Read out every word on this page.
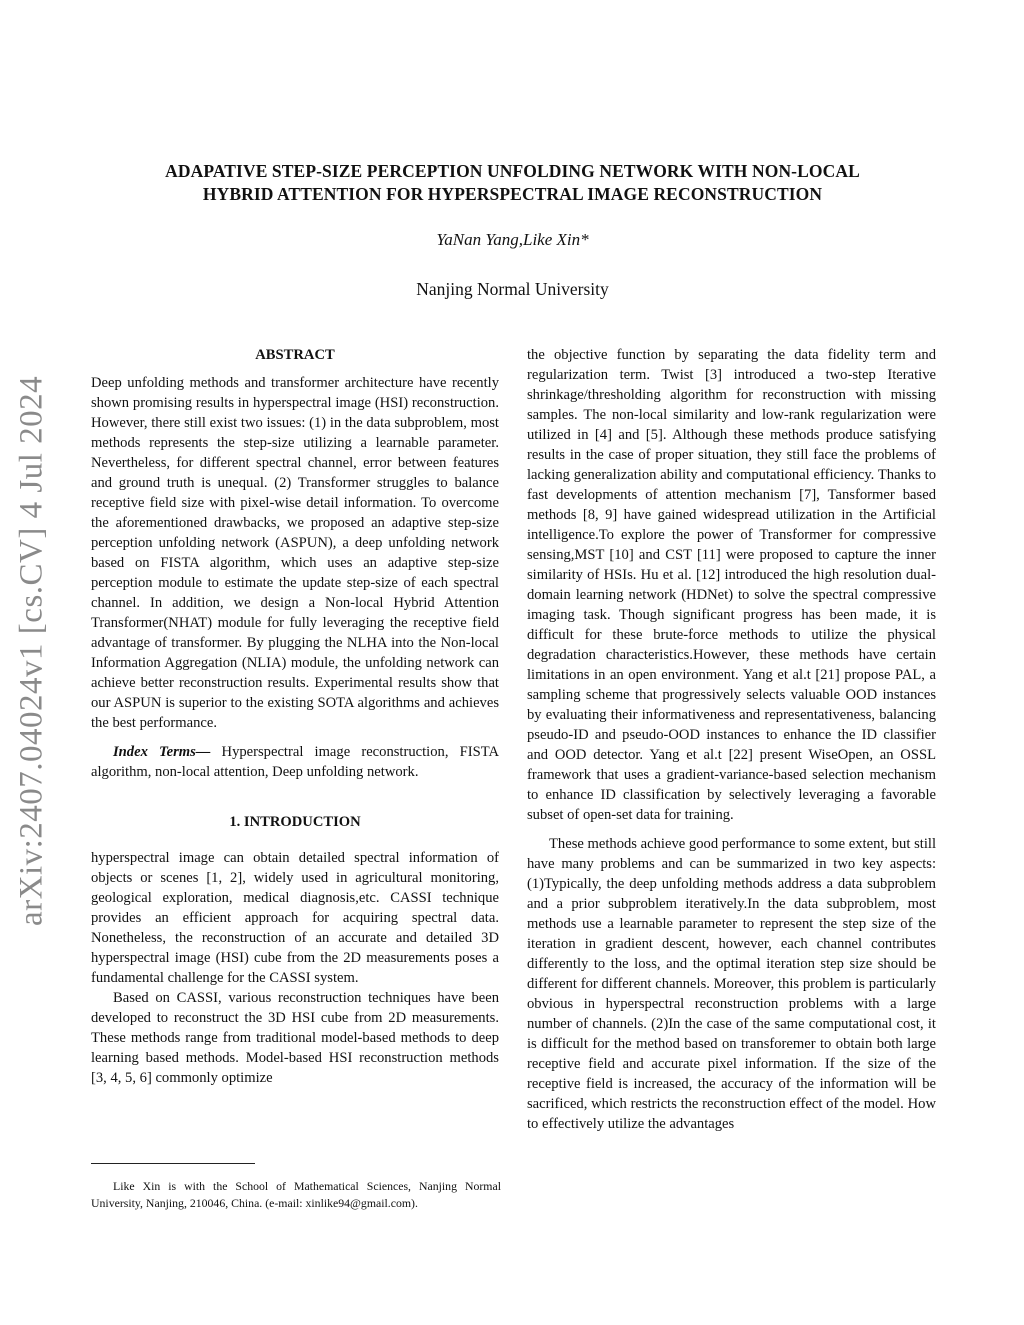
arXiv:2407.04024v1 [cs.CV] 4 Jul 2024
ADAPATIVE STEP-SIZE PERCEPTION UNFOLDING NETWORK WITH NON-LOCAL
HYBRID ATTENTION FOR HYPERSPECTRAL IMAGE RECONSTRUCTION
YaNan Yang,Like Xin*
Nanjing Normal University
ABSTRACT

Deep unfolding methods and transformer architecture have recently shown promising results in hyperspectral image (HSI) reconstruction. However, there still exist two issues: (1) in the data subproblem, most methods represents the step-size utilizing a learnable parameter. Nevertheless, for different spectral channel, error between features and ground truth is unequal. (2) Transformer struggles to balance receptive field size with pixel-wise detail information. To overcome the aforementioned drawbacks, we proposed an adaptive step-size perception unfolding network (ASPUN), a deep unfolding network based on FISTA algorithm, which uses an adaptive step-size perception module to estimate the update step-size of each spectral channel. In addition, we design a Non-local Hybrid Attention Transformer(NHAT) module for fully leveraging the receptive field advantage of transformer. By plugging the NLHA into the Non-local Information Aggregation (NLIA) module, the unfolding network can achieve better reconstruction results. Experimental results show that our ASPUN is superior to the existing SOTA algorithms and achieves the best performance.

Index Terms— Hyperspectral image reconstruction, FISTA algorithm, non-local attention, Deep unfolding network.

1. INTRODUCTION

hyperspectral image can obtain detailed spectral information of objects or scenes [1, 2], widely used in agricultural monitoring, geological exploration, medical diagnosis,etc. CASSI technique provides an efficient approach for acquiring spectral data. Nonetheless, the reconstruction of an accurate and detailed 3D hyperspectral image (HSI) cube from the 2D measurements poses a fundamental challenge for the CASSI system.

Based on CASSI, various reconstruction techniques have been developed to reconstruct the 3D HSI cube from 2D measurements. These methods range from traditional model-based methods to deep learning based methods. Model-based HSI reconstruction methods [3, 4, 5, 6] commonly optimize

Like Xin is with the School of Mathematical Sciences, Nanjing Normal University, Nanjing, 210046, China. (e-mail: xinlike94@gmail.com).

the objective function by separating the data fidelity term and regularization term. Twist [3] introduced a two-step Iterative shrinkage/thresholding algorithm for reconstruction with missing samples. The non-local similarity and low-rank regularization were utilized in [4] and [5]. Although these methods produce satisfying results in the case of proper situation, they still face the problems of lacking generalization ability and computational efficiency. Thanks to fast developments of attention mechanism [7], Tansformer based methods [8, 9] have gained widespread utilization in the Artificial intelligence.To explore the power of Transformer for compressive sensing,MST [10] and CST [11] were proposed to capture the inner similarity of HSIs. Hu et al. [12] introduced the high resolution dual-domain learning network (HDNet) to solve the spectral compressive imaging task. Though significant progress has been made, it is difficult for these brute-force methods to utilize the physical degradation characteristics.However, these methods have certain limitations in an open environment. Yang et al.t [21] propose PAL, a sampling scheme that progressively selects valuable OOD instances by evaluating their informativeness and representativeness, balancing pseudo-ID and pseudo-OOD instances to enhance the ID classifier and OOD detector. Yang et al.t [22] present WiseOpen, an OSSL framework that uses a gradient-variance-based selection mechanism to enhance ID classification by selectively leveraging a favorable subset of open-set data for training.

These methods achieve good performance to some extent, but still have many problems and can be summarized in two key aspects:(1)Typically, the deep unfolding methods address a data subproblem and a prior subproblem iteratively.In the data subproblem, most methods use a learnable parameter to represent the step size of the iteration in gradient descent, however, each channel contributes differently to the loss, and the optimal iteration step size should be different for different channels. Moreover, this problem is particularly obvious in hyperspectral reconstruction problems with a large number of channels. (2)In the case of the same computational cost, it is difficult for the method based on transforemer to obtain both large receptive field and accurate pixel information. If the size of the receptive field is increased, the accuracy of the information will be sacrificed, which restricts the reconstruction effect of the model. How to effectively utilize the advantages
